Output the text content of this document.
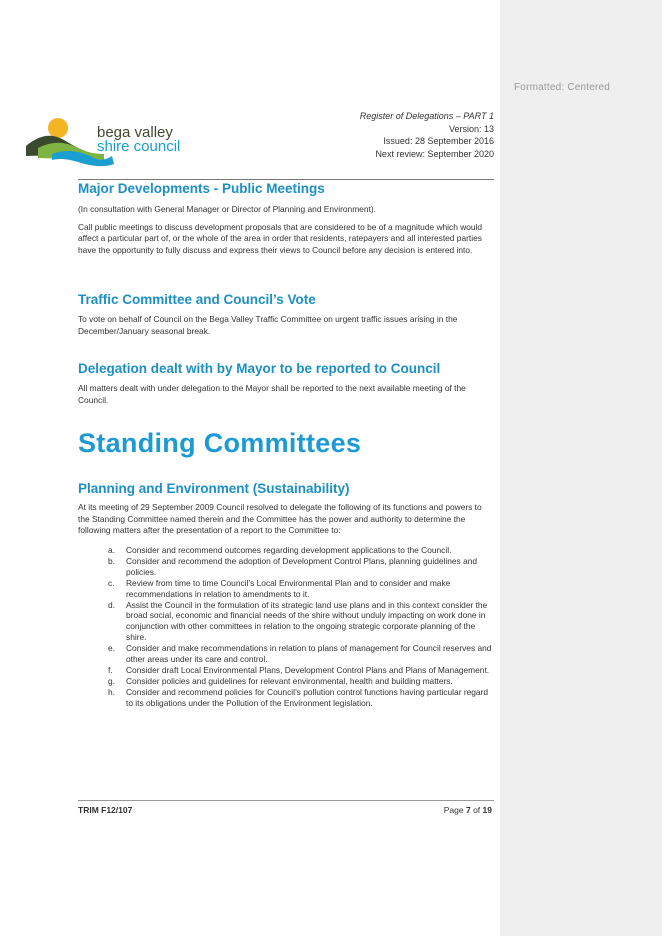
Formatted: Centered
bega valley
shire council
Register of Delegations – PART 1
Version: 13
Issued: 28 September 2016
Next review: September 2020
Major Developments - Public Meetings

(In consultation with General Manager or Director of Planning and Environment).

Call public meetings to discuss development proposals that are considered to be of a magnitude which would affect a particular part of, or the whole of the area in order that residents, ratepayers and all interested parties have the opportunity to fully discuss and express their views to Council before any decision is entered into.

Traffic Committee and Council’s Vote

To vote on behalf of Council on the Bega Valley Traffic Committee on urgent traffic issues arising in the December/January seasonal break.

Delegation dealt with by Mayor to be reported to Council

All matters dealt with under delegation to the Mayor shall be reported to the next available meeting of the Council.

Standing Committees
Planning and Environment (Sustainability)

At its meeting of 29 September 2009 Council resolved to delegate the following of its functions and powers to the Standing Committee named therein and the Committee has the power and authority to determine the following matters after the presentation of a report to the Committee to:

a. Consider and recommend outcomes regarding development applications to the Council.
b. Consider and recommend the adoption of Development Control Plans, planning guidelines and policies.
c. Review from time to time Council’s Local Environmental Plan and to consider and make recommendations in relation to amendments to it.
d. Assist the Council in the formulation of its strategic land use plans and in this context consider the broad social, economic and financial needs of the shire without unduly impacting on work done in conjunction with other committees in relation to the ongoing strategic corporate planning of the shire.
e. Consider and make recommendations in relation to plans of management for Council reserves and other areas under its care and control.
f. Consider draft Local Environmental Plans, Development Control Plans and Plans of Management.
g. Consider policies and guidelines for relevant environmental, health and building matters.
h. Consider and recommend policies for Council’s pollution control functions having particular regard to its obligations under the Pollution of the Environment legislation.
TRIM F12/107	Page 7 of 19
